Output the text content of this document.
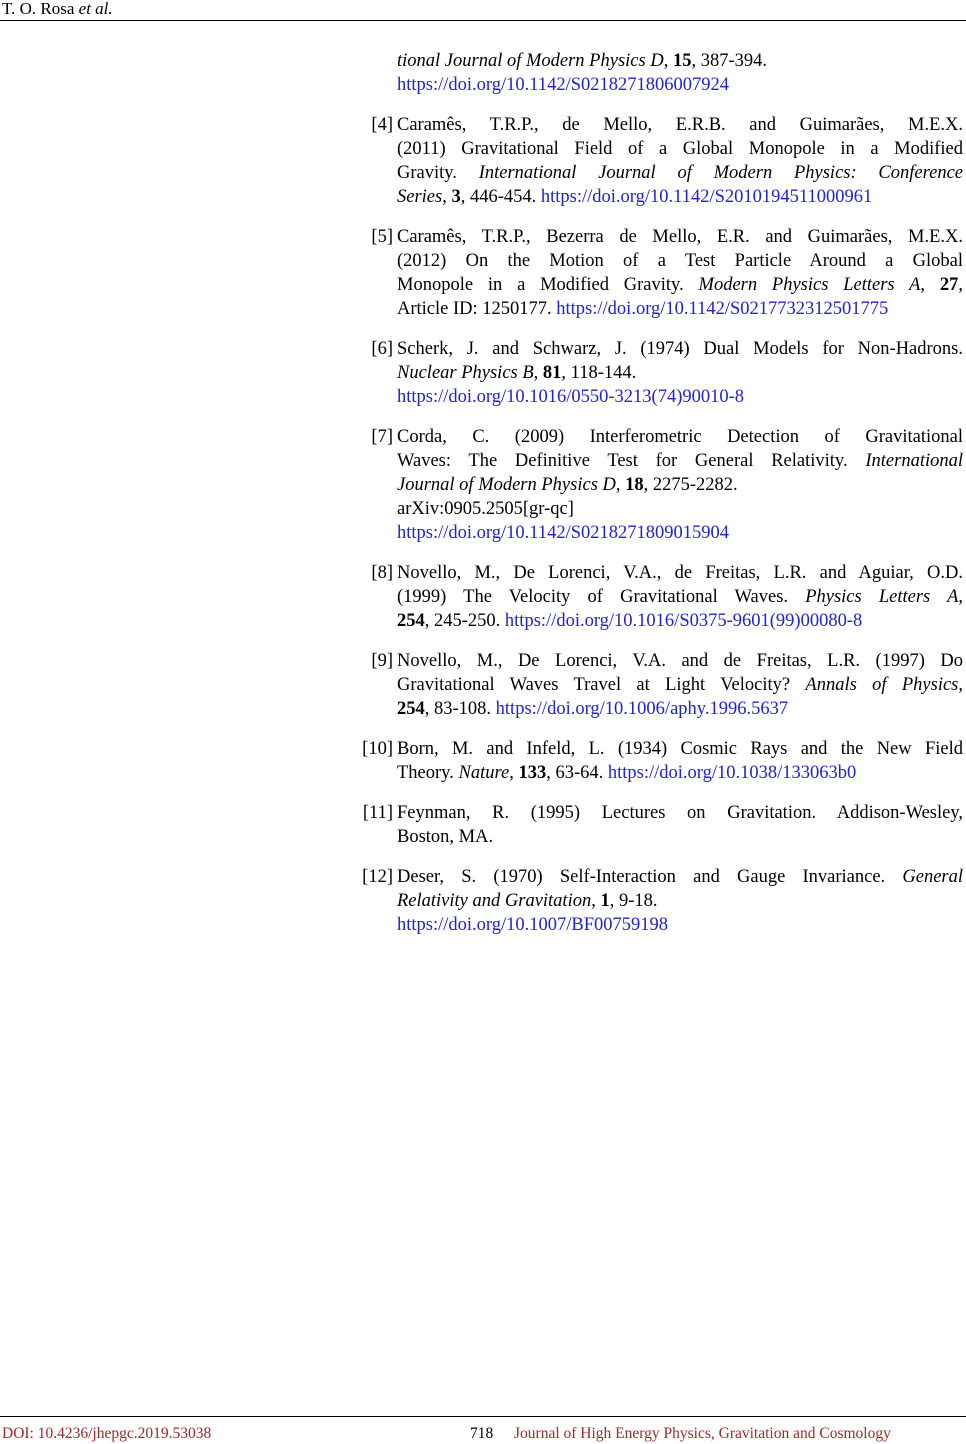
T. O. Rosa et al.
tional Journal of Modern Physics D, 15, 387-394.
https://doi.org/10.1142/S0218271806007924
[4] Caramês, T.R.P., de Mello, E.R.B. and Guimarães, M.E.X.
(2011) Gravitational Field of a Global Monopole in a Modified
Gravity. International Journal of Modern Physics: Conference
Series, 3, 446-454. https://doi.org/10.1142/S2010194511000961
[5] Caramês, T.R.P., Bezerra de Mello, E.R. and Guimarães, M.E.X.
(2012) On the Motion of a Test Particle Around a Global
Monopole in a Modified Gravity. Modern Physics Letters A, 27,
Article ID: 1250177. https://doi.org/10.1142/S0217732312501775
[6] Scherk, J. and Schwarz, J. (1974) Dual Models for Non-Hadrons.
Nuclear Physics B, 81, 118-144.
https://doi.org/10.1016/0550-3213(74)90010-8
[7] Corda, C. (2009) Interferometric Detection of Gravitational
Waves: The Definitive Test for General Relativity. International
Journal of Modern Physics D, 18, 2275-2282.
arXiv:0905.2505[gr-qc]
https://doi.org/10.1142/S0218271809015904
[8] Novello, M., De Lorenci, V.A., de Freitas, L.R. and Aguiar, O.D.
(1999) The Velocity of Gravitational Waves. Physics Letters A,
254, 245-250. https://doi.org/10.1016/S0375-9601(99)00080-8
[9] Novello, M., De Lorenci, V.A. and de Freitas, L.R. (1997) Do
Gravitational Waves Travel at Light Velocity? Annals of Physics,
254, 83-108. https://doi.org/10.1006/aphy.1996.5637
[10] Born, M. and Infeld, L. (1934) Cosmic Rays and the New Field
Theory. Nature, 133, 63-64. https://doi.org/10.1038/133063b0
[11] Feynman, R. (1995) Lectures on Gravitation. Addison-Wesley,
Boston, MA.
[12] Deser, S. (1970) Self-Interaction and Gauge Invariance. General
Relativity and Gravitation, 1, 9-18.
https://doi.org/10.1007/BF00759198
DOI: 10.4236/jhepgc.2019.53038	718 Journal of High Energy Physics, Gravitation and Cosmology
